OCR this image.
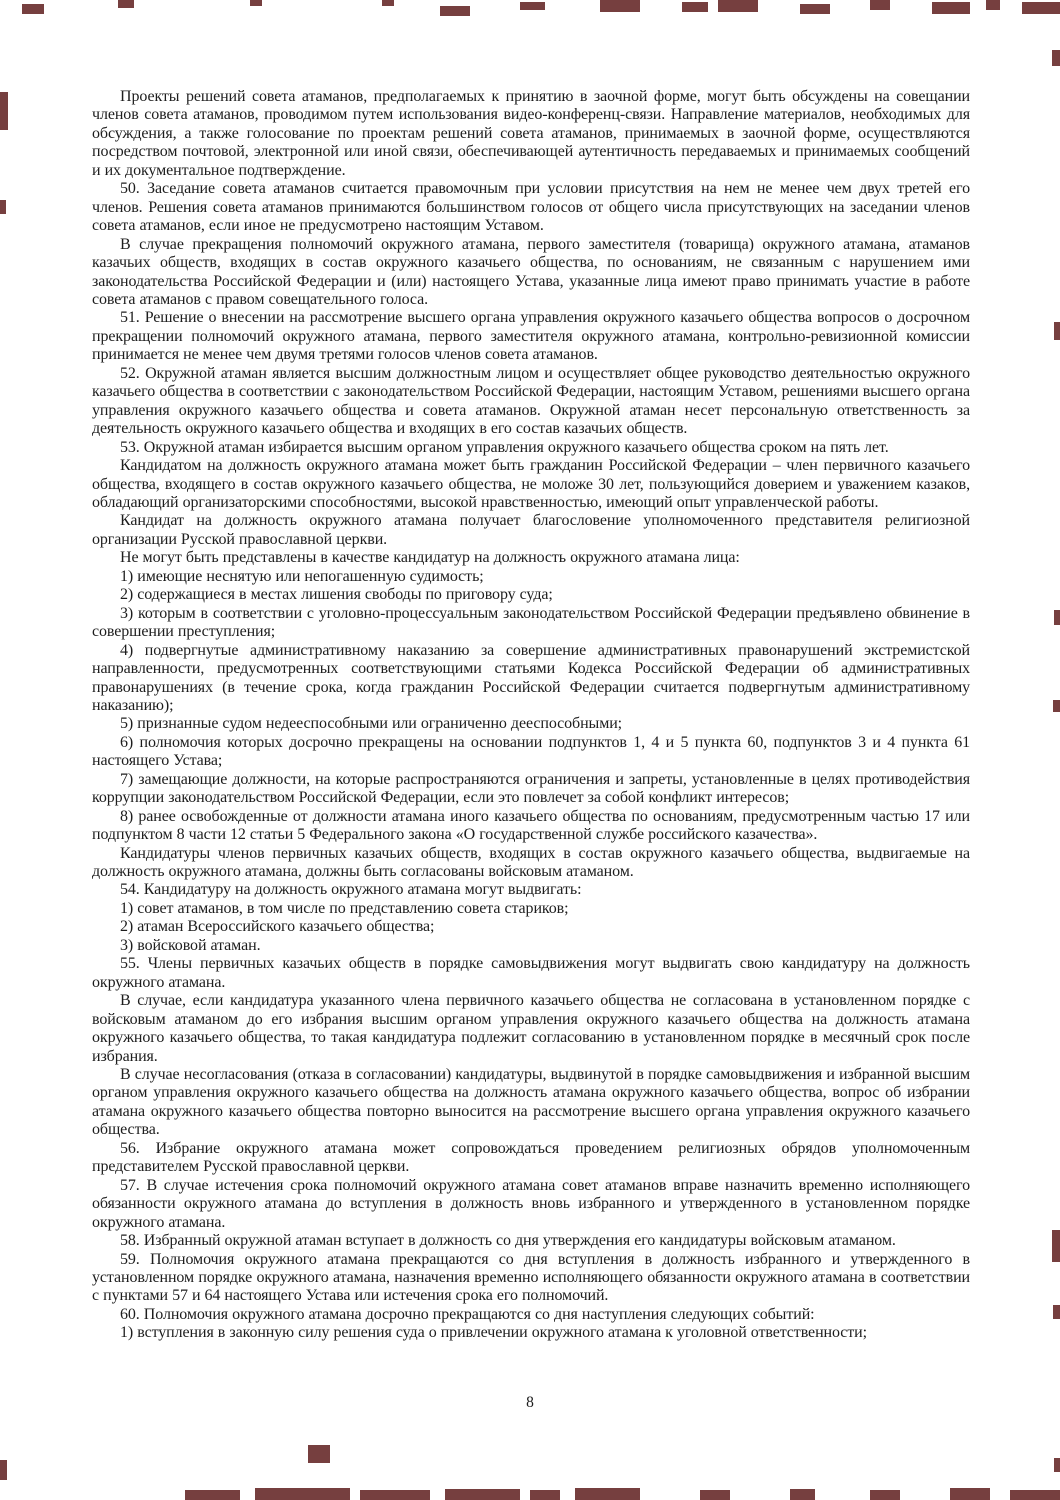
Проекты решений совета атаманов, предполагаемых к принятию в заочной форме, могут быть обсуждены на совещании членов совета атаманов, проводимом путем использования видео-конференц-связи. Направление материалов, необходимых для обсуждения, а также голосование по проектам решений совета атаманов, принимаемых в заочной форме, осуществляются посредством почтовой, электронной или иной связи, обеспечивающей аутентичность передаваемых и принимаемых сообщений и их документальное подтверждение.

50. Заседание совета атаманов считается правомочным при условии присутствия на нем не менее чем двух третей его членов. Решения совета атаманов принимаются большинством голосов от общего числа присутствующих на заседании членов совета атаманов, если иное не предусмотрено настоящим Уставом.

В случае прекращения полномочий окружного атамана, первого заместителя (товарища) окружного атамана, атаманов казачьих обществ, входящих в состав окружного казачьего общества, по основаниям, не связанным с нарушением ими законодательства Российской Федерации и (или) настоящего Устава, указанные лица имеют право принимать участие в работе совета атаманов с правом совещательного голоса.

51. Решение о внесении на рассмотрение высшего органа управления окружного казачьего общества вопросов о досрочном прекращении полномочий окружного атамана, первого заместителя окружного атамана, контрольно-ревизионной комиссии принимается не менее чем двумя третями голосов членов совета атаманов.

52. Окружной атаман является высшим должностным лицом и осуществляет общее руководство деятельностью окружного казачьего общества в соответствии с законодательством Российской Федерации, настоящим Уставом, решениями высшего органа управления окружного казачьего общества и совета атаманов. Окружной атаман несет персональную ответственность за деятельность окружного казачьего общества и входящих в его состав казачьих обществ.

53. Окружной атаман избирается высшим органом управления окружного казачьего общества сроком на пять лет.

Кандидатом на должность окружного атамана может быть гражданин Российской Федерации – член первичного казачьего общества, входящего в состав окружного казачьего общества, не моложе 30 лет, пользующийся доверием и уважением казаков, обладающий организаторскими способностями, высокой нравственностью, имеющий опыт управленческой работы.

Кандидат на должность окружного атамана получает благословение уполномоченного представителя религиозной организации Русской православной церкви.

Не могут быть представлены в качестве кандидатур на должность окружного атамана лица:

1) имеющие неснятую или непогашенную судимость;

2) содержащиеся в местах лишения свободы по приговору суда;

3) которым в соответствии с уголовно-процессуальным законодательством Российской Федерации предъявлено обвинение в совершении преступления;

4) подвергнутые административному наказанию за совершение административных правонарушений экстремистской направленности, предусмотренных соответствующими статьями Кодекса Российской Федерации об административных правонарушениях (в течение срока, когда гражданин Российской Федерации считается подвергнутым административному наказанию);

5) признанные судом недееспособными или ограниченно дееспособными;

6) полномочия которых досрочно прекращены на основании подпунктов 1, 4 и 5 пункта 60, подпунктов 3 и 4 пункта 61 настоящего Устава;

7) замещающие должности, на которые распространяются ограничения и запреты, установленные в целях противодействия коррупции законодательством Российской Федерации, если это повлечет за собой конфликт интересов;

8) ранее освобожденные от должности атамана иного казачьего общества по основаниям, предусмотренным частью 17 или подпунктом 8 части 12 статьи 5 Федерального закона «О государственной службе российского казачества».

Кандидатуры членов первичных казачьих обществ, входящих в состав окружного казачьего общества, выдвигаемые на должность окружного атамана, должны быть согласованы войсковым атаманом.

54. Кандидатуру на должность окружного атамана могут выдвигать:

1) совет атаманов, в том числе по представлению совета стариков;

2) атаман Всероссийского казачьего общества;

3) войсковой атаман.

55. Члены первичных казачьих обществ в порядке самовыдвижения могут выдвигать свою кандидатуру на должность окружного атамана.

В случае, если кандидатура указанного члена первичного казачьего общества не согласована в установленном порядке с войсковым атаманом до его избрания высшим органом управления окружного казачьего общества на должность атамана окружного казачьего общества, то такая кандидатура подлежит согласованию в установленном порядке в месячный срок после избрания.

В случае несогласования (отказа в согласовании) кандидатуры, выдвинутой в порядке самовыдвижения и избранной высшим органом управления окружного казачьего общества на должность атамана окружного казачьего общества, вопрос об избрании атамана окружного казачьего общества повторно выносится на рассмотрение высшего органа управления окружного казачьего общества.

56. Избрание окружного атамана может сопровождаться проведением религиозных обрядов уполномоченным представителем Русской православной церкви.

57. В случае истечения срока полномочий окружного атамана совет атаманов вправе назначить временно исполняющего обязанности окружного атамана до вступления в должность вновь избранного и утвержденного в установленном порядке окружного атамана.

58. Избранный окружной атаман вступает в должность со дня утверждения его кандидатуры войсковым атаманом.

59. Полномочия окружного атамана прекращаются со дня вступления в должность избранного и утвержденного в установленном порядке окружного атамана, назначения временно исполняющего обязанности окружного атамана в соответствии с пунктами 57 и 64 настоящего Устава или истечения срока его полномочий.

60. Полномочия окружного атамана досрочно прекращаются со дня наступления следующих событий:

1) вступления в законную силу решения суда о привлечении окружного атамана к уголовной ответственности;

8
